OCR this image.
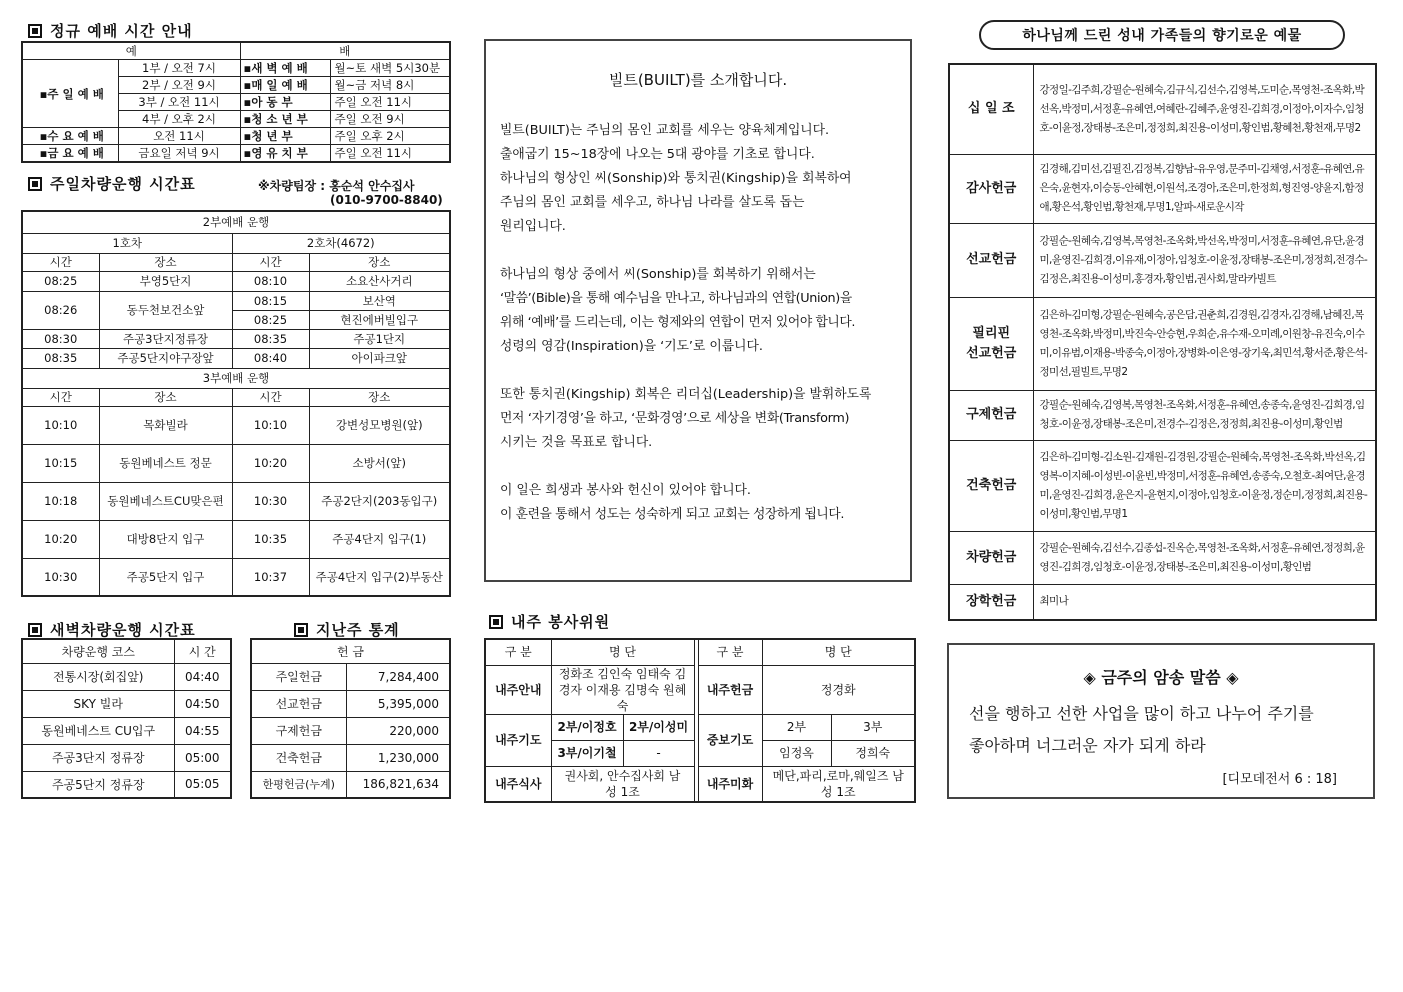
정규 예배 시간 안내
예		배	
▪주 일 예 배	1부 / 오전 7시	▪새 벽 예 배	월~토 새벽 5시30분
	2부 / 오전 9시	▪매 일 예 배	월~금 저녁 8시
	3부 / 오전 11시	▪아 동 부	주일 오전 11시
	4부 / 오후 2시	▪청 소 년 부	주일 오전 9시
▪수 요 예 배	오전 11시	▪청 년 부	주일 오후 2시
▪금 요 예 배	금요일 저녁 9시	▪영 유 치 부	주일 오전 11시
주일차량운행 시간표	※차량팀장 : 홍순석 안수집사
(010-9700-8840)
2부예배 운행			
1호차		2호차(4672)	
시간	장소	시간	장소
08:25	부영5단지	08:10	소요산사거리
08:26	동두천보건소앞	08:15	보산역
		08:25	현진에버빌입구
08:30	주공3단지정류장	08:35	주공1단지
08:35	주공5단지야구장앞	08:40	아이파크앞
3부예배 운행			
시간	장소	시간	장소
10:10	목화빌라	10:10	강변성모병원(앞)
10:15	동원베네스트 정문	10:20	소방서(앞)
10:18	동원베네스트CU맞은편	10:30	주공2단지(203동입구)
10:20	대방8단지 입구	10:35	주공4단지 입구(1)
10:30	주공5단지 입구	10:37	주공4단지 입구(2)부동산
새벽차량운행 시간표	지난주 통계
차량운행 코스	시 간
전통시장(회집앞)	04:40
SKY 빌라	04:50
동원베네스트 CU입구	04:55
주공3단지 정류장	05:00
주공5단지 정류장	05:05
헌 금	
주일헌금	7,284,400
선교헌금	5,395,000
구제헌금	220,000
건축헌금	1,230,000
한평헌금(누계)	186,821,634
빌트(BUILT)를 소개합니다.

빌트(BUILT)는 주님의 몸인 교회를 세우는 양육체계입니다.
출애굽기 15~18장에 나오는 5대 광야를 기초로 합니다.
하나님의 형상인 씨(Sonship)와 통치권(Kingship)을 회복하여
주님의 몸인 교회를 세우고, 하나님 나라를 살도록 돕는
원리입니다.

하나님의 형상 중에서 씨(Sonship)를 회복하기 위해서는
‘말씀’(Bible)을 통해 예수님을 만나고, 하나님과의 연합(Union)을
위해 ‘예배’를 드리는데, 이는 형제와의 연합이 먼저 있어야 합니다.
성령의 영감(Inspiration)을 ‘기도’로 이룹니다.

또한 통치권(Kingship) 회복은 리더십(Leadership)을 발휘하도록
먼저 ‘자기경영’을 하고, ‘문화경영’으로 세상을 변화(Transform)
시키는 것을 목표로 합니다.

이 일은 희생과 봉사와 헌신이 있어야 합니다.
이 훈련을 통해서 성도는 성숙하게 되고 교회는 성장하게 됩니다.

내주 봉사위원
구 분	명 단			구 분	명 단	
내주안내	정화조 김인숙 임태숙 김경자 이재용 김명숙 원혜숙			내주헌금	정경화	
내주기도	2부/이정호	2부/이성미		중보기도	2부	3부
	3부/이기철	-			임정옥	정희숙
내주식사	권사회, 안수집사회 남성 1조			내주미화	메단,파리,로마,웨일즈 남성 1조	
하나님께 드린 성내 가족들의 향기로운 예물
십 일 조	강정일-김주희,강필순-원혜숙,김규식,김선수,김영복,도미순,목영천-조옥화,박선옥,박정미,서정훈-유혜연,여혜란-김혜주,윤영진-김희경,이정아,이자수,임청호-이윤정,장태봉-조은미,정정희,최진용-이성미,황인범,황혜천,황천재,무명2
감사헌금	김경해,김미선,김필진,김정복,김향남-유우영,문주미-김채영,서정훈-유혜연,유은숙,윤현자,이승동-안혜현,이원석,조경아,조은미,한정희,형진영-양윤지,함정애,황은석,황인범,황천재,무명1,알파-새로운시작
선교헌금	강필순-원혜숙,김영복,목영천-조옥화,박선옥,박정미,서정훈-유혜연,유단,윤경미,윤영진-김희경,이유재,이정아,임청호-이윤정,장태봉-조은미,정정희,전경수-김정은,최진용-이성미,홍경자,황인범,권사회,말라카빌트
필리핀 선교헌금	김은하-김미형,강필순-원혜숙,공은담,권춘희,김경원,김경자,김경해,남혜진,목영천-조옥화,박정미,박진숙-안승현,우희순,유수재-오미례,이원창-유진숙,이수미,이유범,이재용-박종숙,이정아,장병화-이은영-장기욱,최민석,황서준,황은석-정미선,필빌트,무명2
구제헌금	강필순-원혜숙,김영복,목영천-조옥화,서정훈-유혜연,송종숙,윤영진-김희경,임청호-이윤정,장태봉-조은미,전경수-김정은,정정희,최진용-이성미,황인범
건축헌금	김은하-김미형-김소원-김재원-김경원,강필순-원혜숙,목영천-조옥화,박선옥,김영복-이지혜-이성빈-이윤빈,박정미,서정훈-유혜연,송종숙,오철호-최여단,윤경미,윤영진-김희경,윤은지-윤현지,이정아,임청호-이윤정,정순미,정정희,최진용-이성미,황인범,무명1
차량헌금	강필순-원혜숙,김선수,김종섭-진옥순,목영천-조옥화,서정훈-유혜연,정정희,윤영진-김희경,임청호-이윤정,장태봉-조은미,최진용-이성미,황인범
장학헌금	최미나
◈ 금주의 암송 말씀 ◈
선을 행하고 선한 사업을 많이 하고 나누어 주기를
좋아하며 너그러운 자가 되게 하라
[디모데전서 6 : 18]
